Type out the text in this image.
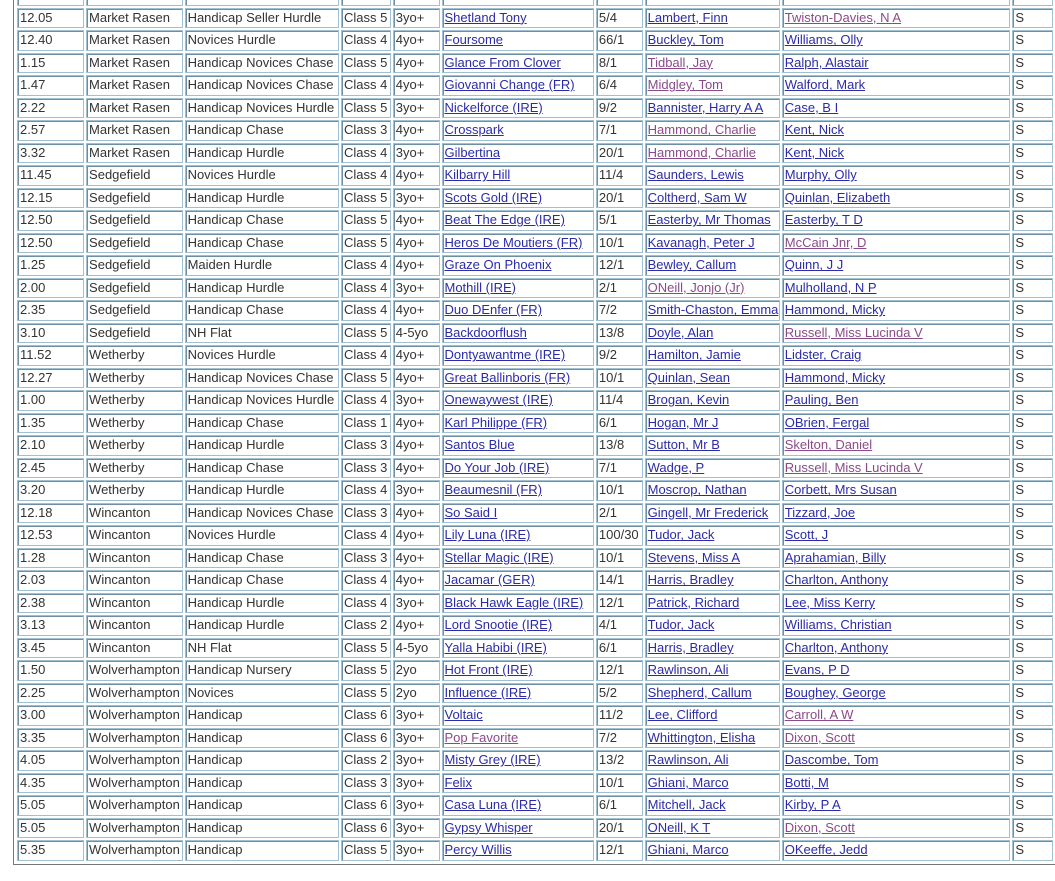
12.05	Market Rasen	Handicap Seller Hurdle	Class 5	3yo+	Shetland Tony	5/4	Lambert, Finn	Twiston-Davies, N A	S
12.40	Market Rasen	Novices Hurdle	Class 4	4yo+	Foursome	66/1	Buckley, Tom	Williams, Olly	S
1.15	Market Rasen	Handicap Novices Chase	Class 5	4yo+	Glance From Clover	8/1	Tidball, Jay	Ralph, Alastair	S
1.47	Market Rasen	Handicap Novices Chase	Class 4	4yo+	Giovanni Change (FR)	6/4	Midgley, Tom	Walford, Mark	S
2.22	Market Rasen	Handicap Novices Hurdle	Class 5	3yo+	Nickelforce (IRE)	9/2	Bannister, Harry A A	Case, B I	S
2.57	Market Rasen	Handicap Chase	Class 3	4yo+	Crosspark	7/1	Hammond, Charlie	Kent, Nick	S
3.32	Market Rasen	Handicap Hurdle	Class 4	3yo+	Gilbertina	20/1	Hammond, Charlie	Kent, Nick	S
11.45	Sedgefield	Novices Hurdle	Class 4	4yo+	Kilbarry Hill	11/4	Saunders, Lewis	Murphy, Olly	S
12.15	Sedgefield	Handicap Hurdle	Class 5	3yo+	Scots Gold (IRE)	20/1	Coltherd, Sam W	Quinlan, Elizabeth	S
12.50	Sedgefield	Handicap Chase	Class 5	4yo+	Beat The Edge (IRE)	5/1	Easterby, Mr Thomas	Easterby, T D	S
12.50	Sedgefield	Handicap Chase	Class 5	4yo+	Heros De Moutiers (FR)	10/1	Kavanagh, Peter J	McCain Jnr, D	S
1.25	Sedgefield	Maiden Hurdle	Class 4	4yo+	Graze On Phoenix	12/1	Bewley, Callum	Quinn, J J	S
2.00	Sedgefield	Handicap Hurdle	Class 4	3yo+	Mothill (IRE)	2/1	ONeill, Jonjo (Jr)	Mulholland, N P	S
2.35	Sedgefield	Handicap Chase	Class 4	4yo+	Duo DEnfer (FR)	7/2	Smith-Chaston, Emma	Hammond, Micky	S
3.10	Sedgefield	NH Flat	Class 5	4-5yo	Backdoorflush	13/8	Doyle, Alan	Russell, Miss Lucinda V	S
11.52	Wetherby	Novices Hurdle	Class 4	4yo+	Dontyawantme (IRE)	9/2	Hamilton, Jamie	Lidster, Craig	S
12.27	Wetherby	Handicap Novices Chase	Class 5	4yo+	Great Ballinboris (FR)	10/1	Quinlan, Sean	Hammond, Micky	S
1.00	Wetherby	Handicap Novices Hurdle	Class 4	3yo+	Onewaywest (IRE)	11/4	Brogan, Kevin	Pauling, Ben	S
1.35	Wetherby	Handicap Chase	Class 1	4yo+	Karl Philippe (FR)	6/1	Hogan, Mr J	OBrien, Fergal	S
2.10	Wetherby	Handicap Hurdle	Class 3	4yo+	Santos Blue	13/8	Sutton, Mr B	Skelton, Daniel	S
2.45	Wetherby	Handicap Chase	Class 3	4yo+	Do Your Job (IRE)	7/1	Wadge, P	Russell, Miss Lucinda V	S
3.20	Wetherby	Handicap Hurdle	Class 4	3yo+	Beaumesnil (FR)	10/1	Moscrop, Nathan	Corbett, Mrs Susan	S
12.18	Wincanton	Handicap Novices Chase	Class 3	4yo+	So Said I	2/1	Gingell, Mr Frederick	Tizzard, Joe	S
12.53	Wincanton	Novices Hurdle	Class 4	4yo+	Lily Luna (IRE)	100/30	Tudor, Jack	Scott, J	S
1.28	Wincanton	Handicap Chase	Class 3	4yo+	Stellar Magic (IRE)	10/1	Stevens, Miss A	Aprahamian, Billy	S
2.03	Wincanton	Handicap Chase	Class 4	4yo+	Jacamar (GER)	14/1	Harris, Bradley	Charlton, Anthony	S
2.38	Wincanton	Handicap Hurdle	Class 4	3yo+	Black Hawk Eagle (IRE)	12/1	Patrick, Richard	Lee, Miss Kerry	S
3.13	Wincanton	Handicap Hurdle	Class 2	4yo+	Lord Snootie (IRE)	4/1	Tudor, Jack	Williams, Christian	S
3.45	Wincanton	NH Flat	Class 5	4-5yo	Yalla Habibi (IRE)	6/1	Harris, Bradley	Charlton, Anthony	S
1.50	Wolverhampton	Handicap Nursery	Class 5	2yo	Hot Front (IRE)	12/1	Rawlinson, Ali	Evans, P D	S
2.25	Wolverhampton	Novices	Class 5	2yo	Influence (IRE)	5/2	Shepherd, Callum	Boughey, George	S
3.00	Wolverhampton	Handicap	Class 6	3yo+	Voltaic	11/2	Lee, Clifford	Carroll, A W	S
3.35	Wolverhampton	Handicap	Class 6	3yo+	Pop Favorite	7/2	Whittington, Elisha	Dixon, Scott	S
4.05	Wolverhampton	Handicap	Class 2	3yo+	Misty Grey (IRE)	13/2	Rawlinson, Ali	Dascombe, Tom	S
4.35	Wolverhampton	Handicap	Class 3	3yo+	Felix	10/1	Ghiani, Marco	Botti, M	S
5.05	Wolverhampton	Handicap	Class 6	3yo+	Casa Luna (IRE)	6/1	Mitchell, Jack	Kirby, P A	S
5.05	Wolverhampton	Handicap	Class 6	3yo+	Gypsy Whisper	20/1	ONeill, K T	Dixon, Scott	S
5.35	Wolverhampton	Handicap	Class 5	3yo+	Percy Willis	12/1	Ghiani, Marco	OKeeffe, Jedd	S
